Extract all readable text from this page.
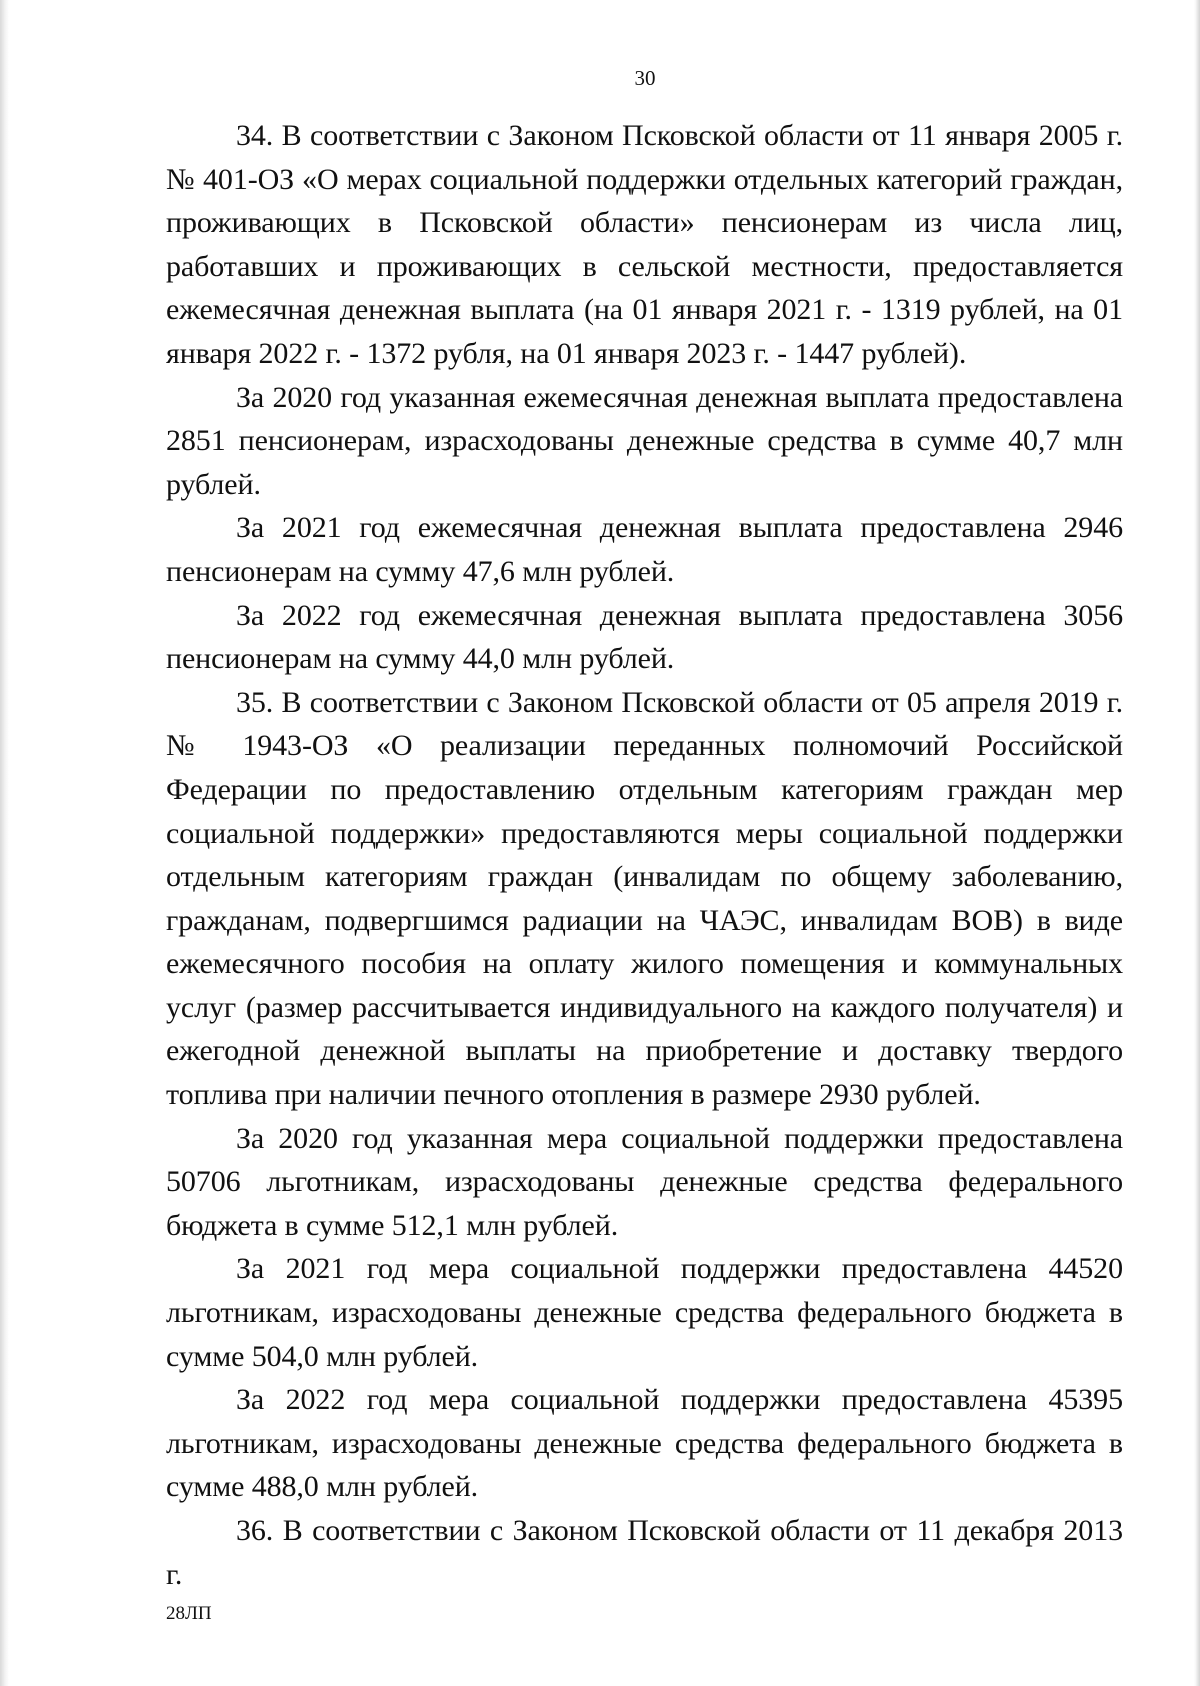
30

34. В соответствии с Законом Псковской области от 11 января 2005 г. № 401-ОЗ «О мерах социальной поддержки отдельных категорий граждан, проживающих в Псковской области» пенсионерам из числа лиц, работавших и проживающих в сельской местности, предоставляется ежемесячная денежная выплата (на 01 января 2021 г. - 1319 рублей, на 01 января 2022 г. - 1372 рубля, на 01 января 2023 г. - 1447 рублей).

За 2020 год указанная ежемесячная денежная выплата предоставлена 2851 пенсионерам, израсходованы денежные средства в сумме 40,7 млн рублей.

За 2021 год ежемесячная денежная выплата предоставлена 2946 пенсионерам на сумму 47,6 млн рублей.

За 2022 год ежемесячная денежная выплата предоставлена 3056 пенсионерам на сумму 44,0 млн рублей.

35. В соответствии с Законом Псковской области от 05 апреля 2019 г. № 1943-ОЗ «О реализации переданных полномочий Российской Федерации по предоставлению отдельным категориям граждан мер социальной поддержки» предоставляются меры социальной поддержки отдельным категориям граждан (инвалидам по общему заболеванию, гражданам, подвергшимся радиации на ЧАЭС, инвалидам ВОВ) в виде ежемесячного пособия на оплату жилого помещения и коммунальных услуг (размер рассчитывается индивидуального на каждого получателя) и ежегодной денежной выплаты на приобретение и доставку твердого топлива при наличии печного отопления в размере 2930 рублей.

За 2020 год указанная мера социальной поддержки предоставлена 50706 льготникам, израсходованы денежные средства федерального бюджета в сумме 512,1 млн рублей.

За 2021 год мера социальной поддержки предоставлена 44520 льготникам, израсходованы денежные средства федерального бюджета в сумме 504,0 млн рублей.

За 2022 год мера социальной поддержки предоставлена 45395 льготникам, израсходованы денежные средства федерального бюджета в сумме 488,0 млн рублей.

36. В соответствии с Законом Псковской области от 11 декабря 2013 г.

28ЛП
